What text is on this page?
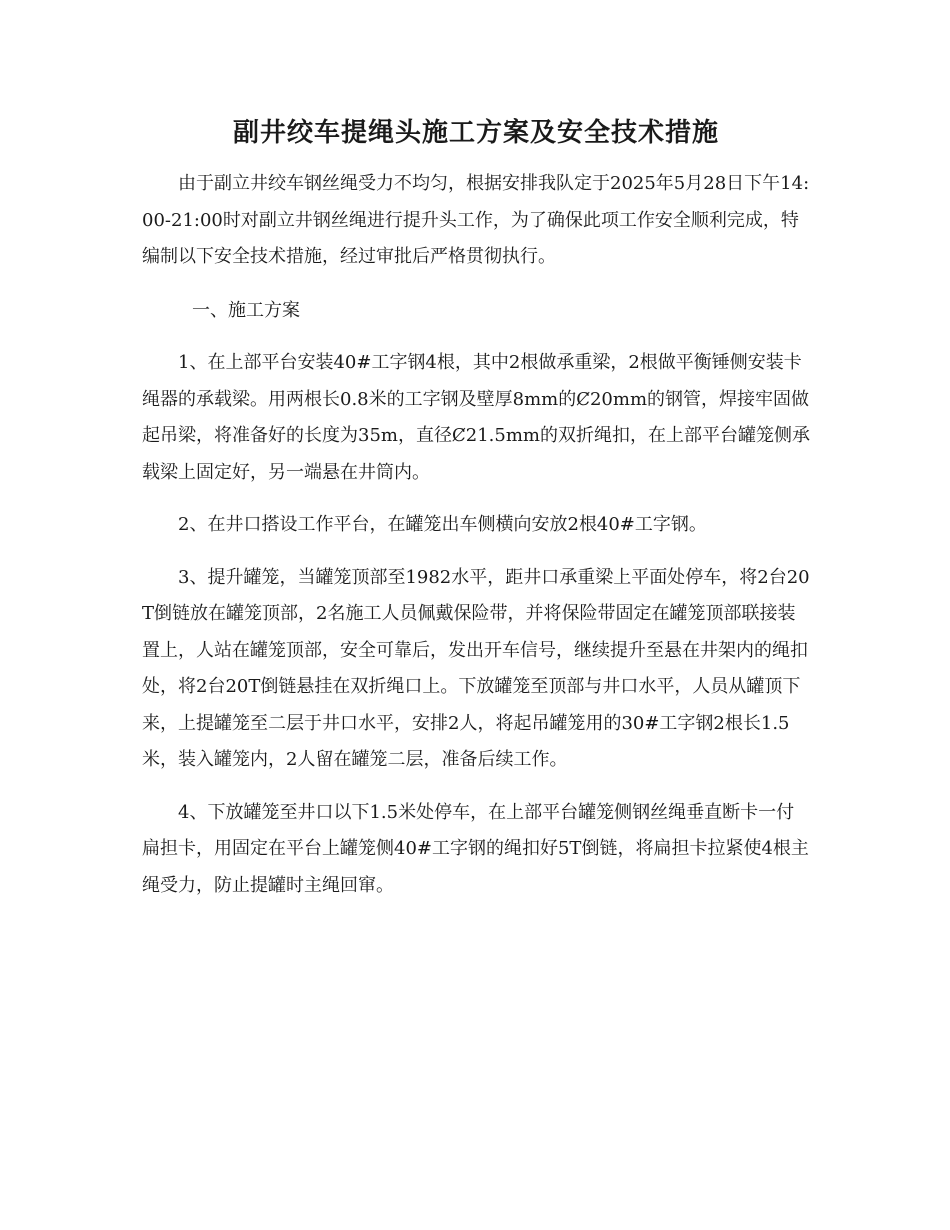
副井绞车提绳头施工方案及安全技术措施

由于副立井绞车钢丝绳受力不均匀，根据安排我队定于2025年5月28日下午14:00-21:00时对副立井钢丝绳进行提升头工作，为了确保此项工作安全顺利完成，特编制以下安全技术措施，经过审批后严格贯彻执行。

一、施工方案

1、在上部平台安装40#工字钢4根，其中2根做承重梁，2根做平衡锤侧安装卡绳器的承载梁。用两根长0.8米的工字钢及壁厚8mm的Ȼ20mm的钢管，焊接牢固做起吊梁，将准备好的长度为35m，直径Ȼ21.5mm的双折绳扣，在上部平台罐笼侧承载梁上固定好，另一端悬在井筒内。

2、在井口搭设工作平台，在罐笼出车侧横向安放2根40#工字钢。

3、提升罐笼，当罐笼顶部至1982水平，距井口承重梁上平面处停车，将2台20T倒链放在罐笼顶部，2名施工人员佩戴保险带，并将保险带固定在罐笼顶部联接装置上，人站在罐笼顶部，安全可靠后，发出开车信号，继续提升至悬在井架内的绳扣处，将2台20T倒链悬挂在双折绳口上。下放罐笼至顶部与井口水平，人员从罐顶下来，上提罐笼至二层于井口水平，安排2人，将起吊罐笼用的30#工字钢2根长1.5米，装入罐笼内，2人留在罐笼二层，准备后续工作。

4、下放罐笼至井口以下1.5米处停车，在上部平台罐笼侧钢丝绳垂直断卡一付扁担卡，用固定在平台上罐笼侧40#工字钢的绳扣好5T倒链，将扁担卡拉紧使4根主绳受力，防止提罐时主绳回窜。
